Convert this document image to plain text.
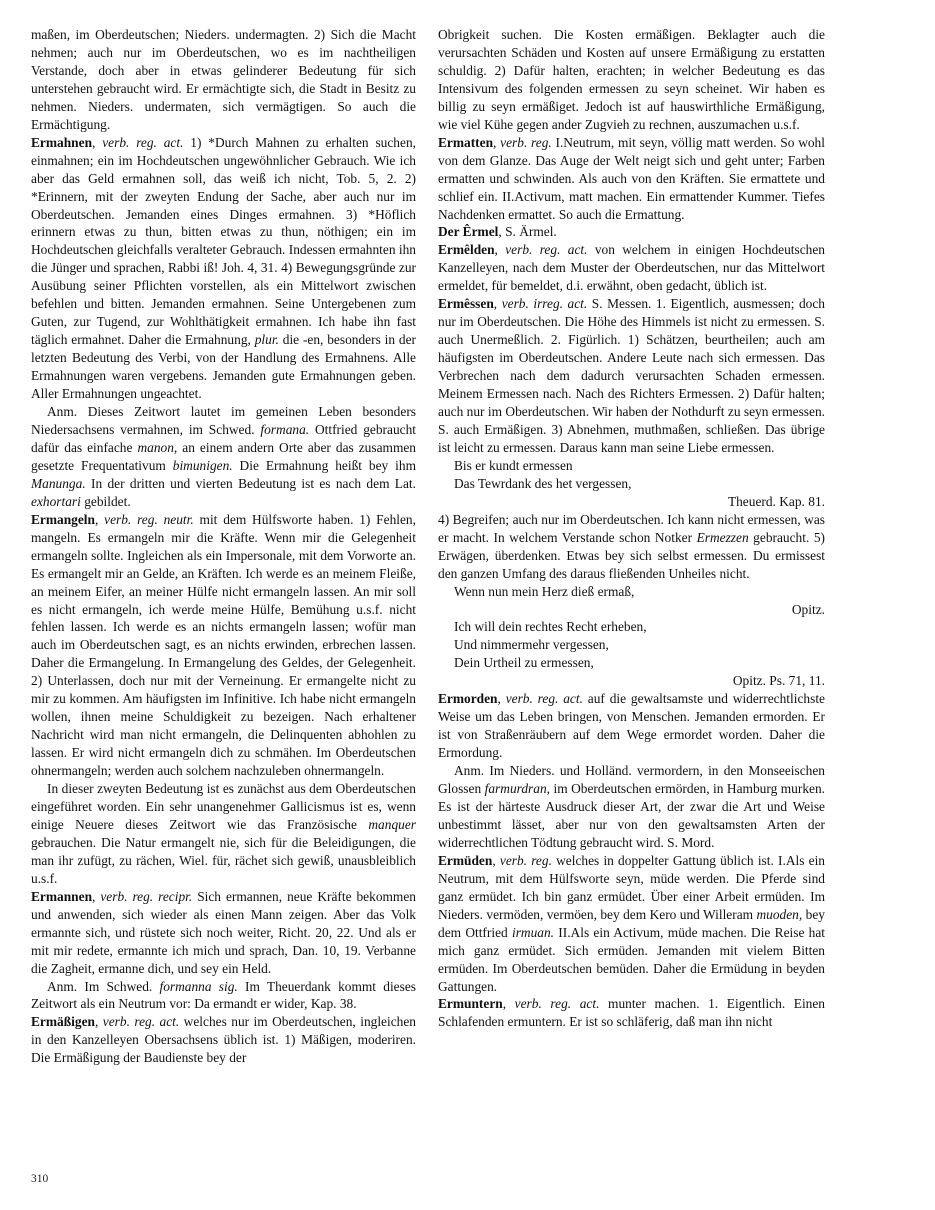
maßen, im Oberdeutschen; Nieders. undermagten. 2) Sich die Macht nehmen; auch nur im Oberdeutschen, wo es im nachtheiligen Verstande, doch aber in etwas gelinderer Bedeutung für sich unterstehen gebraucht wird. Er ermächtigte sich, die Stadt in Besitz zu nehmen. Nieders. undermaten, sich vermägtigen. So auch die Ermächtigung.

Ermahnen, verb. reg. act. 1) *Durch Mahnen zu erhalten suchen, einmahnen; ein im Hochdeutschen ungewöhnlicher Gebrauch. Wie ich aber das Geld ermahnen soll, das weiß ich nicht, Tob. 5, 2. 2) *Erinnern, mit der zweyten Endung der Sache, aber auch nur im Oberdeutschen. Jemanden eines Dinges ermahnen. 3) *Höflich erinnern etwas zu thun, bitten etwas zu thun, nöthigen; ein im Hochdeutschen gleichfalls veralteter Gebrauch. Indessen ermahnten ihn die Jünger und sprachen, Rabbi iß! Joh. 4, 31. 4) Bewegungsgründe zur Ausübung seiner Pflichten vorstellen, als ein Mittelwort zwischen befehlen und bitten. Jemanden ermahnen. Seine Untergebenen zum Guten, zur Tugend, zur Wohlthätigkeit ermahnen. Ich habe ihn fast täglich ermahnet. Daher die Ermahnung, plur. die -en, besonders in der letzten Bedeutung des Verbi, von der Handlung des Ermahnens. Alle Ermahnungen waren vergebens. Jemanden gute Ermahnungen geben. Aller Ermahnungen ungeachtet.

Anm. Dieses Zeitwort lautet im gemeinen Leben besonders Niedersachsens vermahnen, im Schwed. formana. Ottfried gebraucht dafür das einfache manon, an einem andern Orte aber das zusammen gesetzte Frequentativum bimunigen. Die Ermahnung heißt bey ihm Manunga. In der dritten und vierten Bedeutung ist es nach dem Lat. exhortari gebildet.

Ermangeln, verb. reg. neutr. mit dem Hülfsworte haben. 1) Fehlen, mangeln. Es ermangeln mir die Kräfte. Wenn mir die Gelegenheit ermangeln sollte. Ingleichen als ein Impersonale, mit dem Vorworte an. Es ermangelt mir an Gelde, an Kräften. Ich werde es an meinem Fleiße, an meinem Eifer, an meiner Hülfe nicht ermangeln lassen. An mir soll es nicht ermangeln, ich werde meine Hülfe, Bemühung u.s.f. nicht fehlen lassen. Ich werde es an nichts ermangeln lassen; wofür man auch im Oberdeutschen sagt, es an nichts erwinden, erbrechen lassen. Daher die Ermangelung. In Ermangelung des Geldes, der Gelegenheit. 2) Unterlassen, doch nur mit der Verneinung. Er ermangelte nicht zu mir zu kommen. Am häufigsten im Infinitive. Ich habe nicht ermangeln wollen, ihnen meine Schuldigkeit zu bezeigen. Nach erhaltener Nachricht wird man nicht ermangeln, die Delinquenten abhohlen zu lassen. Er wird nicht ermangeln dich zu schmähen. Im Oberdeutschen ohnermangeln; werden auch solchem nachzuleben ohnermangeln.

In dieser zweyten Bedeutung ist es zunächst aus dem Oberdeutschen eingeführet worden. Ein sehr unangenehmer Gallicismus ist es, wenn einige Neuere dieses Zeitwort wie das Französische manquer gebrauchen. Die Natur ermangelt nie, sich für die Beleidigungen, die man ihr zufügt, zu rächen, Wiel. für, rächet sich gewiß, unausbleiblich u.s.f.

Ermannen, verb. reg. recipr. Sich ermannen, neue Kräfte bekommen und anwenden, sich wieder als einen Mann zeigen. Aber das Volk ermannte sich, und rüstete sich noch weiter, Richt. 20, 22. Und als er mit mir redete, ermannte ich mich und sprach, Dan. 10, 19. Verbanne die Zagheit, ermanne dich, und sey ein Held.

Anm. Im Schwed. formanna sig. Im Theuerdank kommt dieses Zeitwort als ein Neutrum vor: Da ermandt er wider, Kap. 38.

Ermäßigen, verb. reg. act. welches nur im Oberdeutschen, ingleichen in den Kanzelleyen Obersachsens üblich ist. 1) Mäßigen, moderiren. Die Ermäßigung der Baudienste bey der

Obrigkeit suchen. Die Kosten ermäßigen. Beklagter auch die verursachten Schäden und Kosten auf unsere Ermäßigung zu erstatten schuldig. 2) Dafür halten, erachten; in welcher Bedeutung es das Intensivum des folgenden ermessen zu seyn scheinet. Wir haben es billig zu seyn ermäßiget. Jedoch ist auf hauswirthliche Ermäßigung, wie viel Kühe gegen ander Zugvieh zu rechnen, auszumachen u.s.f.

Ermatten, verb. reg. I.Neutrum, mit seyn, völlig matt werden. So wohl von dem Glanze. Das Auge der Welt neigt sich und geht unter; Farben ermatten und schwinden. Als auch von den Kräften. Sie ermattete und schlief ein. II.Activum, matt machen. Ein ermattender Kummer. Tiefes Nachdenken ermattet. So auch die Ermattung.

Der Êrmel, S. Ärmel.

Ermêlden, verb. reg. act. von welchem in einigen Hochdeutschen Kanzelleyen, nach dem Muster der Oberdeutschen, nur das Mittelwort ermeldet, für bemeldet, d.i. erwähnt, oben gedacht, üblich ist.

Ermêssen, verb. irreg. act. S. Messen. 1. Eigentlich, ausmessen; doch nur im Oberdeutschen. Die Höhe des Himmels ist nicht zu ermessen. S. auch Unermeßlich. 2. Figürlich. 1) Schätzen, beurtheilen; auch am häufigsten im Oberdeutschen. Andere Leute nach sich ermessen. Das Verbrechen nach dem dadurch verursachten Schaden ermessen. Meinem Ermessen nach. Nach des Richters Ermessen. 2) Dafür halten; auch nur im Oberdeutschen. Wir haben der Nothdurft zu seyn ermessen. S. auch Ermäßigen. 3) Abnehmen, muthmaßen, schließen. Das übrige ist leicht zu ermessen. Daraus kann man seine Liebe ermessen.

Bis er kundt ermessen

Das Tewrdank des het vergessen,

Theuerd. Kap. 81.

4) Begreifen; auch nur im Oberdeutschen. Ich kann nicht ermessen, was er macht. In welchem Verstande schon Notker Ermezzen gebraucht. 5) Erwägen, überdenken. Etwas bey sich selbst ermessen. Du ermissest den ganzen Umfang des daraus fließenden Unheiles nicht.

Wenn nun mein Herz dieß ermaß,

Opitz.

Ich will dein rechtes Recht erheben,

Und nimmermehr vergessen,

Dein Urtheil zu ermessen,

Opitz. Ps. 71, 11.

Ermorden, verb. reg. act. auf die gewaltsamste und widerrechtlichste Weise um das Leben bringen, von Menschen. Jemanden ermorden. Er ist von Straßenräubern auf dem Wege ermordet worden. Daher die Ermordung.

Anm. Im Nieders. und Holländ. vermordern, in den Monseeischen Glossen farmurdran, im Oberdeutschen ermörden, in Hamburg murken. Es ist der härteste Ausdruck dieser Art, der zwar die Art und Weise unbestimmt lässet, aber nur von den gewaltsamsten Arten der widerrechtlichen Tödtung gebraucht wird. S. Mord.

Ermüden, verb. reg. welches in doppelter Gattung üblich ist. I.Als ein Neutrum, mit dem Hülfsworte seyn, müde werden. Die Pferde sind ganz ermüdet. Ich bin ganz ermüdet. Über einer Arbeit ermüden. Im Nieders. vermöden, vermöen, bey dem Kero und Willeram muoden, bey dem Ottfried irmuan. II.Als ein Activum, müde machen. Die Reise hat mich ganz ermüdet. Sich ermüden. Jemanden mit vielem Bitten ermüden. Im Oberdeutschen bemüden. Daher die Ermüdung in beyden Gattungen.

Ermuntern, verb. reg. act. munter machen. 1. Eigentlich. Einen Schlafenden ermuntern. Er ist so schläferig, daß man ihn nicht

310
